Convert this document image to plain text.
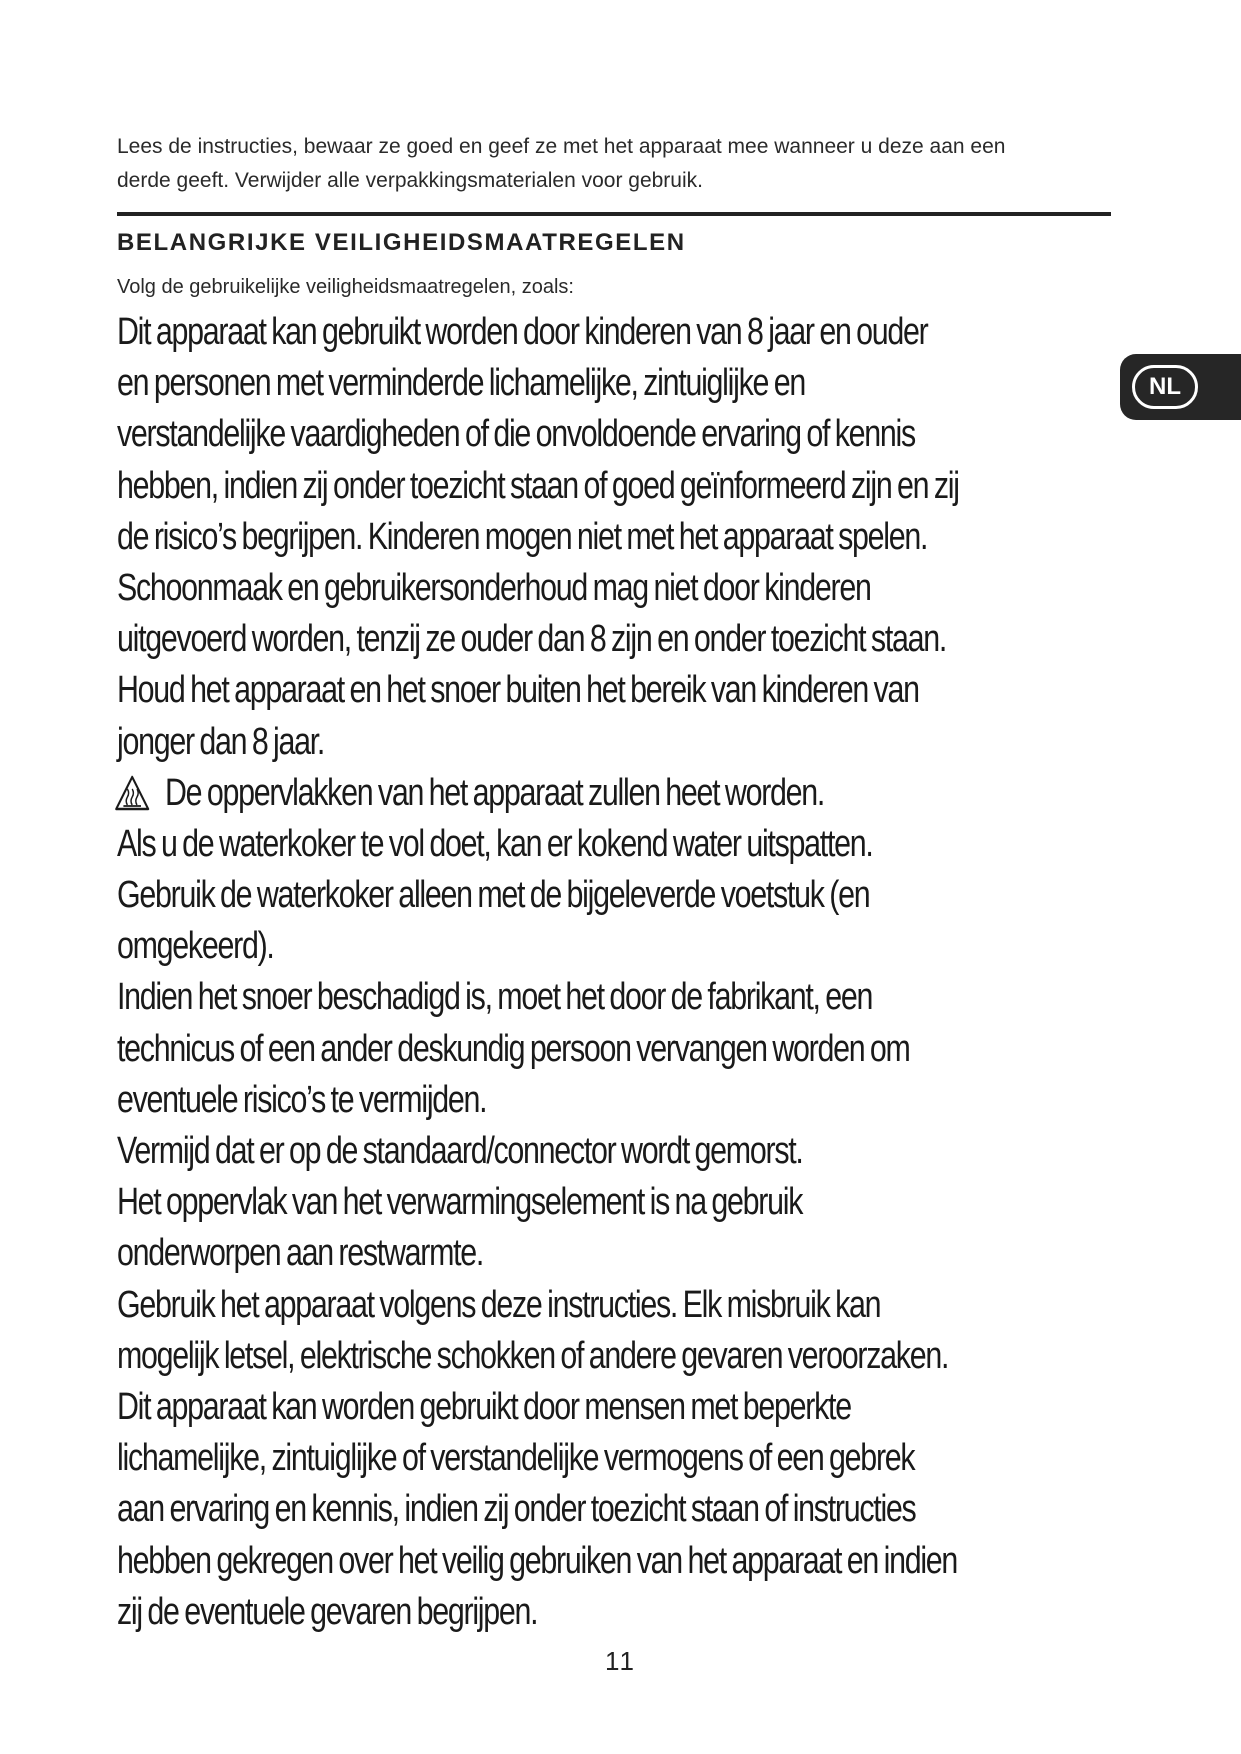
Lees de instructies, bewaar ze goed en geef ze met het apparaat mee wanneer u deze aan een
derde geeft. Verwijder alle verpakkingsmaterialen voor gebruik.
BELANGRIJKE VEILIGHEIDSMAATREGELEN
Volg de gebruikelijke veiligheidsmaatregelen, zoals:
Dit apparaat kan gebruikt worden door kinderen van 8 jaar en ouder
en personen met verminderde lichamelijke, zintuiglijke en
verstandelijke vaardigheden of die onvoldoende ervaring of kennis
hebben, indien zij onder toezicht staan of goed geïnformeerd zijn en zij
de risico’s begrijpen. Kinderen mogen niet met het apparaat spelen.
Schoonmaak en gebruikersonderhoud mag niet door kinderen
uitgevoerd worden, tenzij ze ouder dan 8 zijn en onder toezicht staan.
Houd het apparaat en het snoer buiten het bereik van kinderen van
jonger dan 8 jaar.
De oppervlakken van het apparaat zullen heet worden.
Als u de waterkoker te vol doet, kan er kokend water uitspatten.
Gebruik de waterkoker alleen met de bijgeleverde voetstuk (en
omgekeerd).
Indien het snoer beschadigd is, moet het door de fabrikant, een
technicus of een ander deskundig persoon vervangen worden om
eventuele risico’s te vermijden.
Vermijd dat er op de standaard/connector wordt gemorst.
Het oppervlak van het verwarmingselement is na gebruik
onderworpen aan restwarmte.
Gebruik het apparaat volgens deze instructies. Elk misbruik kan
mogelijk letsel, elektrische schokken of andere gevaren veroorzaken.
Dit apparaat kan worden gebruikt door mensen met beperkte
lichamelijke, zintuiglijke of verstandelijke vermogens of een gebrek
aan ervaring en kennis, indien zij onder toezicht staan of instructies
hebben gekregen over het veilig gebruiken van het apparaat en indien
zij de eventuele gevaren begrijpen.
NL
11
